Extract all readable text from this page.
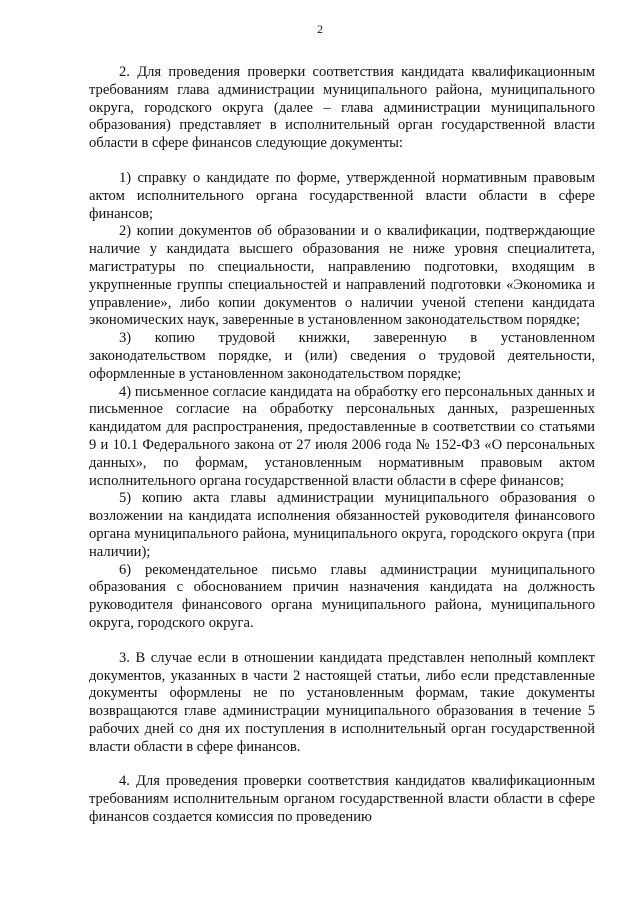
2

2. Для проведения проверки соответствия кандидата квалификационным требованиям глава администрации муниципального района, муниципального округа, городского округа (далее – глава администрации муниципального образования) представляет в исполнительный орган государственной власти области в сфере финансов следующие документы:

1) справку о кандидате по форме, утвержденной нормативным правовым актом исполнительного органа государственной власти области в сфере финансов;

2) копии документов об образовании и о квалификации, подтверждающие наличие у кандидата высшего образования не ниже уровня специалитета, магистратуры по специальности, направлению подготовки, входящим в укрупненные группы специальностей и направлений подготовки «Экономика и управление», либо копии документов о наличии ученой степени кандидата экономических наук, заверенные в установленном законодательством порядке;

3) копию трудовой книжки, заверенную в установленном законодательством порядке, и (или) сведения о трудовой деятельности, оформленные в установленном законодательством порядке;

4) письменное согласие кандидата на обработку его персональных данных и письменное согласие на обработку персональных данных, разрешенных кандидатом для распространения, предоставленные в соответствии со статьями 9 и 10.1 Федерального закона от 27 июля 2006 года № 152-ФЗ «О персональных данных», по формам, установленным нормативным правовым актом исполнительного органа государственной власти области в сфере финансов;

5) копию акта главы администрации муниципального образования о возложении на кандидата исполнения обязанностей руководителя финансового органа муниципального района, муниципального округа, городского округа (при наличии);

6) рекомендательное письмо главы администрации муниципального образования с обоснованием причин назначения кандидата на должность руководителя финансового органа муниципального района, муниципального округа, городского округа.

3. В случае если в отношении кандидата представлен неполный комплект документов, указанных в части 2 настоящей статьи, либо если представленные документы оформлены не по установленным формам, такие документы возвращаются главе администрации муниципального образования в течение 5 рабочих дней со дня их поступления в исполнительный орган государственной власти области в сфере финансов.

4. Для проведения проверки соответствия кандидатов квалификационным требованиям исполнительным органом государственной власти области в сфере финансов создается комиссия по проведению
